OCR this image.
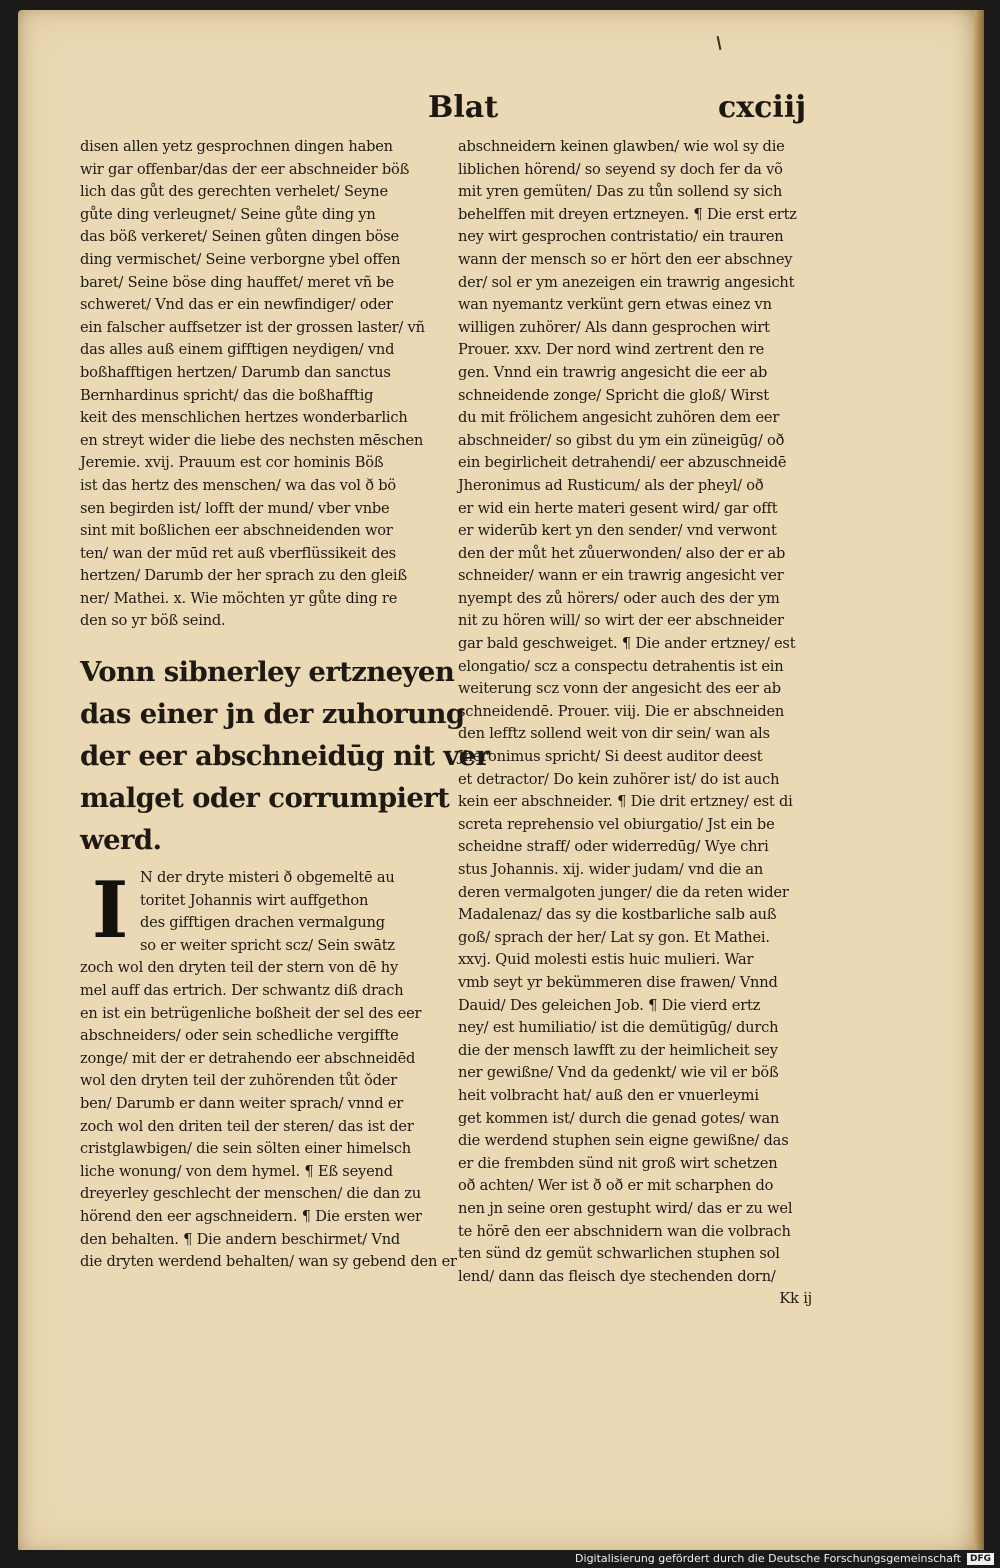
Blat	cxciij
disen allen yetz gesprochnen dingen haben
wir gar offenbar/das der eer abschneider böß
lich das gůt des gerechten verhelet/ Seyne
gůte ding verleugnet/ Seine gůte ding yn
das böß verkeret/ Seinen gůten dingen böse
ding vermischet/ Seine verborgne ybel offen
baret/ Seine böse ding hauffet/ meret vñ be
schweret/ Vnd das er ein newfindiger/ oder
ein falscher auffsetzer ist der grossen laster/ vñ
das alles auß einem gifftigen neydigen/ vnd
boßhafftigen hertzen/ Darumb dan sanctus
Bernhardinus spricht/ das die boßhafftig
keit des menschlichen hertzes wonderbarlich
en streyt wider die liebe des nechsten mēschen
Jeremie. xvij. Prauum est cor hominis Böß
ist das hertz des menschen/ wa das vol ð bö
sen begirden ist/ lofft der mund/ vber vnbe
sint mit boßlichen eer abschneidenden wor
ten/ wan der mūd ret auß vberflüssikeit des
hertzen/ Darumb der her sprach zu den gleiß
ner/ Mathei. x. Wie möchten yr gůte ding re
den so yr böß seind.
Vonn sibnerley ertzneyen
das einer jn der zuhorung
der eer abschneidūg nit ver
malget oder corrumpiert
werd.
I N der dryte misteri ð obgemeltē au
toritet Johannis wirt auffgethon
des gifftigen drachen vermalgung
so er weiter spricht scz/ Sein swātz
zoch wol den dryten teil der stern von dē hy
mel auff das ertrich. Der schwantz diß drach
en ist ein betrügenliche boßheit der sel des eer
abschneiders/ oder sein schedliche vergiffte
zonge/ mit der er detrahendo eer abschneidēd
wol den dryten teil der zuhörenden tůt ǒder
ben/ Darumb er dann weiter sprach/ vnnd er
zoch wol den driten teil der steren/ das ist der
cristglawbigen/ die sein sölten einer himelsch
liche wonung/ von dem hymel. ¶ Eß seyend
dreyerley geschlecht der menschen/ die dan zu
hörend den eer agschneidern. ¶ Die ersten wer
den behalten. ¶ Die andern beschirmet/ Vnd
die dryten werdend behalten/ wan sy gebend den er
abschneidern keinen glawben/ wie wol sy die
liblichen hörend/ so seyend sy doch fer da võ
mit yren gemüten/ Das zu tůn sollend sy sich
behelffen mit dreyen ertzneyen. ¶ Die erst ertz
ney wirt gesprochen contristatio/ ein trauren
wann der mensch so er hört den eer abschney
der/ sol er ym anezeigen ein trawrig angesicht
wan nyemantz verkünt gern etwas einez vn
willigen zuhörer/ Als dann gesprochen wirt
Prouer. xxv. Der nord wind zertrent den re
gen. Vnnd ein trawrig angesicht die eer ab
schneidende zonge/ Spricht die gloß/ Wirst
du mit frölichem angesicht zuhören dem eer
abschneider/ so gibst du ym ein züneigūg/ oð
ein begirlicheit detrahendi/ eer abzuschneidē
Jheronimus ad Rusticum/ als der pheyl/ oð
er wid ein herte materi gesent wird/ gar offt
er widerūb kert yn den sender/ vnd verwont
den der můt het zůuerwonden/ also der er ab
schneider/ wann er ein trawrig angesicht ver
nyempt des zů hörers/ oder auch des der ym
nit zu hören will/ so wirt der eer abschneider
gar bald geschweiget. ¶ Die ander ertzney/ est
elongatio/ scz a conspectu detrahentis ist ein
weiterung scz vonn der angesicht des eer ab
schneidendē. Prouer. viij. Die er abschneiden
den lefftz sollend weit von dir sein/ wan als
Jheronimus spricht/ Si deest auditor deest
et detractor/ Do kein zuhörer ist/ do ist auch
kein eer abschneider. ¶ Die drit ertzney/ est di
screta reprehensio vel obiurgatio/ Jst ein be
scheidne straff/ oder widerredūg/ Wye chri
stus Johannis. xij. wider judam/ vnd die an
deren vermalgoten junger/ die da reten wider
Madalenaz/ das sy die kostbarliche salb auß
goß/ sprach der her/ Lat sy gon. Et Mathei.
xxvj. Quid molesti estis huic mulieri. War
vmb seyt yr bekümmeren dise frawen/ Vnnd
Dauid/ Des geleichen Job. ¶ Die vierd ertz
ney/ est humiliatio/ ist die demütigūg/ durch
die der mensch lawfft zu der heimlicheit sey
ner gewißne/ Vnd da gedenkt/ wie vil er böß
heit volbracht hat/ auß den er vnuerleymi
get kommen ist/ durch die genad gotes/ wan
die werdend stuphen sein eigne gewißne/ das
er die frembden sünd nit groß wirt schetzen
oð achten/ Wer ist ð oð er mit scharphen do
nen jn seine oren gestupht wird/ das er zu wel
te hörē den eer abschnidern wan die volbrach
ten sünd dz gemüt schwarlichen stuphen sol
lend/ dann das fleisch dye stechenden dorn/
Kk ij
Digitalisierung gefördert durch die Deutsche Forschungsgemeinschaft DFG
